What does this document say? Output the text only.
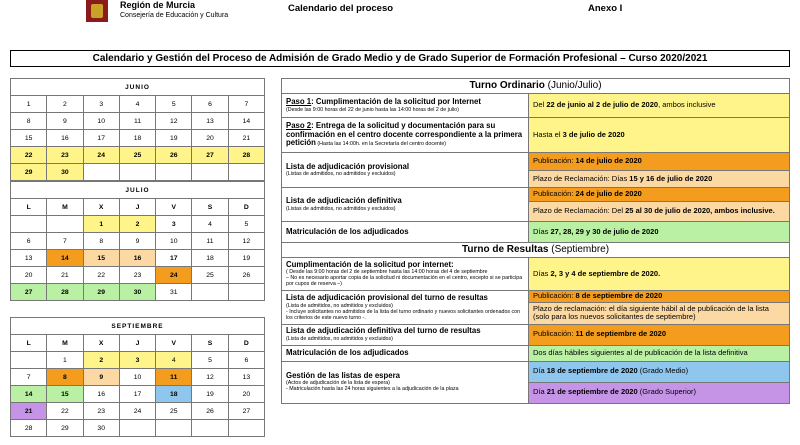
Región de Murcia
Consejería de Educación y Cultura
Calendario del proceso	Anexo I
Calendario y Gestión del Proceso de Admisión de Grado Medio y de Grado Superior de Formación Profesional – Curso 2020/2021
JUNIO						
1	2	3	4	5	6	7
8	9	10	11	12	13	14
15	16	17	18	19	20	21
22	23	24	25	26	27	28
29	30					
JULIO						
L	M	X	J	V	S	D
		1	2	3	4	5
6	7	8	9	10	11	12
13	14	15	16	17	18	19
20	21	22	23	24	25	26
27	28	29	30	31		
SEPTIEMBRE						
L	M	X	J	V	S	D
	1	2	3	4	5	6
7	8	9	10	11	12	13
14	15	16	17	18	19	20
21	22	23	24	25	26	27
28	29	30				
Turno Ordinario (Junio/Julio)	
Paso 1: Cumplimentación de la solicitud por Internet
(Desde las 9:00 horas del 22 de junio hasta las 14:00 horas del 2 de julio)	Del 22 de junio al 2 de julio de 2020, ambos inclusive
Paso 2: Entrega de la solicitud y documentación para su confirmación en el centro docente correspondiente a la primera petición (Hasta las 14:00h. en la Secretaría del centro docente)	Hasta el 3 de julio de 2020
Lista de adjudicación provisional
(Listas de admitidos, no admitidos y excluidos)	Publicación: 14 de julio de 2020
	Plazo de Reclamación: Días 15 y 16 de julio de 2020
Lista de adjudicación definitiva
(Listas de admitidos, no admitidos y excluidos)	Publicación: 24 de julio de 2020
	Plazo de Reclamación: Del 25 al 30 de julio de 2020, ambos inclusive.
Matriculación de los adjudicados	Días 27, 28, 29 y 30 de julio de 2020
Turno de Resultas (Septiembre)	
Cumplimentación de la solicitud por internet:
( Desde las 9:00 horas del 2 de septiembre hasta las 14:00 horas del 4 de septiembre
– No es necesario aportar copia de la solicitud ni documentación en el centro, excepto si se participa por cupos de reserva –)	Días 2, 3 y 4 de septiembre de 2020.
Lista de adjudicación provisional del turno de resultas
(Lista de admitidos, no admitidos y excluidos)
- Incluye solicitantes no admitidos de la lista del turno ordinario y nuevos solicitantes ordenados con los criterios de este nuevo turno -.	Publicación: 8 de septiembre de 2020
	Plazo de reclamación: el día siguiente hábil al de publicación de la lista (solo para los nuevos solicitantes de septiembre)
Lista de adjudicación definitiva del turno de resultas
(Lista de admitidos, no admitidos y excluidos)	Publicación: 11 de septiembre de 2020
Matriculación de los adjudicados	Dos días hábiles siguientes al de publicación de la lista definitiva
Gestión de las listas de espera
(Actos de adjudicación de la lista de espera)
- Matriculación hasta las 24 horas siguientes a la adjudicación de la plaza	Día 18 de septiembre de 2020 (Grado Medio)
	Día 21 de septiembre de 2020 (Grado Superior)
